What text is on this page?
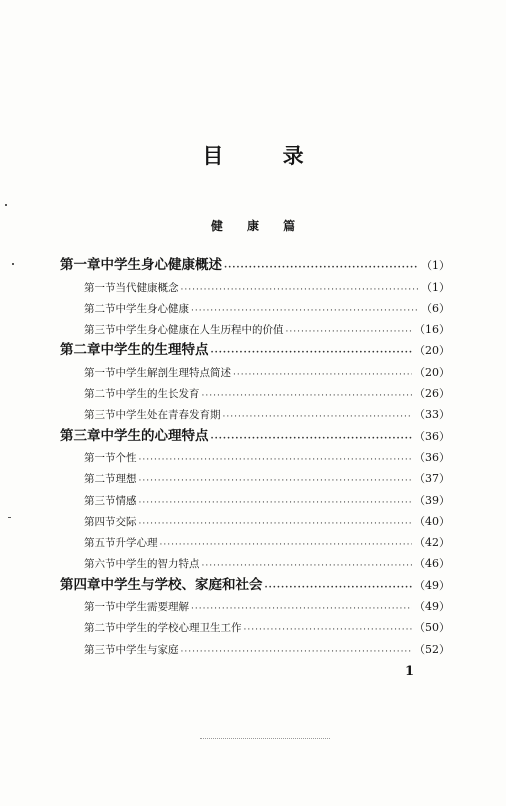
目 录
健 康 篇
第一章 中学生身心健康概述 ·····	（1）
第一节 当代健康概念 ·····	（1）
第二节 中学生身心健康 ·····	（6）
第三节 中学生身心健康在人生历程中的价值 ·····	（16）
第二章 中学生的生理特点 ·····	（20）
第一节 中学生解剖生理特点简述 ·····	（20）
第二节 中学生的生长发育 ·····	（26）
第三节 中学生处在青春发育期 ·····	（33）
第三章 中学生的心理特点 ·····	（36）
第一节 个性 ·····	（36）
第二节 理想 ·····	（37）
第三节 情感 ·····	（39）
第四节 交际 ·····	（40）
第五节 升学心理 ·····	（42）
第六节 中学生的智力特点 ·····	（46）
第四章 中学生与学校、家庭和社会 ·····	（49）
第一节 中学生需要理解 ·····	（49）
第二节 中学生的学校心理卫生工作 ·····	（50）
第三节 中学生与家庭 ·····	（52）
1
